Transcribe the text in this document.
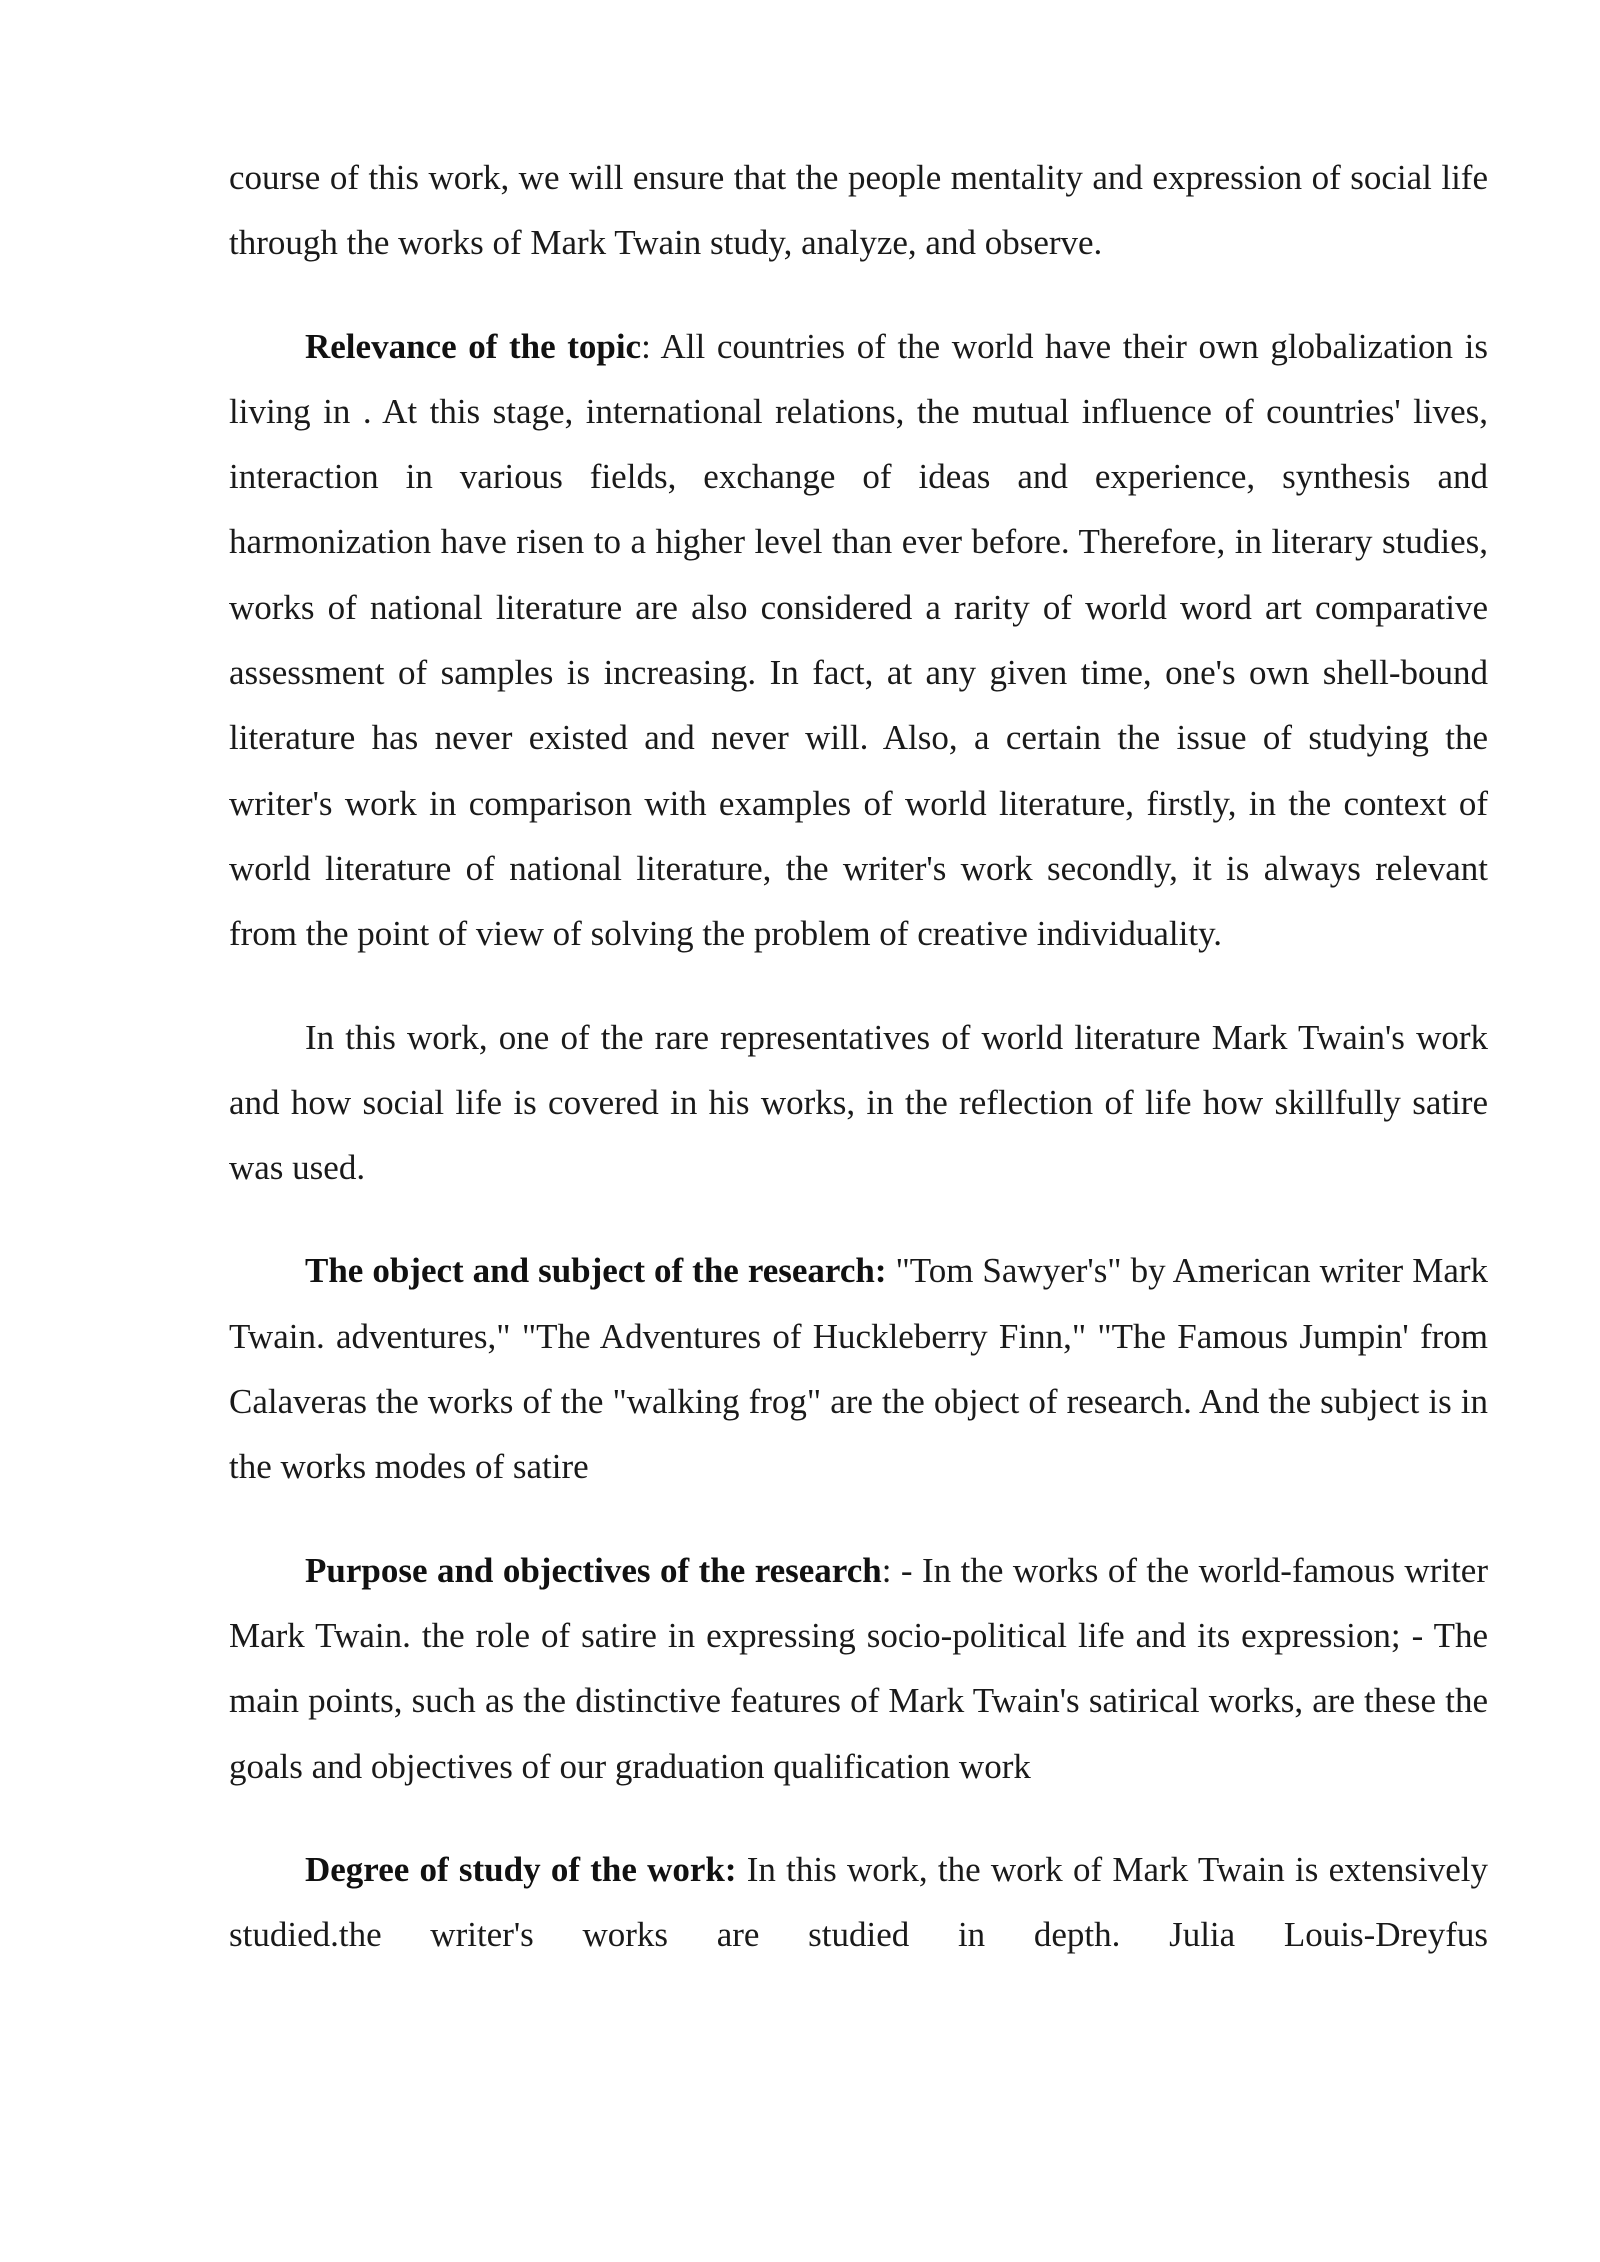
course of this work, we will ensure that the people mentality and expression of social life through the works of Mark Twain study, analyze, and observe.

Relevance of the topic: All countries of the world have their own globalization is living in . At this stage, international relations, the mutual influence of countries' lives, interaction in various fields, exchange of ideas and experience, synthesis and harmonization have risen to a higher level than ever before. Therefore, in literary studies, works of national literature are also considered a rarity of world word art comparative assessment of samples is increasing. In fact, at any given time, one's own shell-bound literature has never existed and never will. Also, a certain the issue of studying the writer's work in comparison with examples of world literature, firstly, in the context of world literature of national literature, the writer's work secondly, it is always relevant from the point of view of solving the problem of creative individuality.

In this work, one of the rare representatives of world literature Mark Twain's work and how social life is covered in his works, in the reflection of life how skillfully satire was used.

The object and subject of the research: "Tom Sawyer's" by American writer Mark Twain. adventures," "The Adventures of Huckleberry Finn," "The Famous Jumpin' from Calaveras the works of the "walking frog" are the object of research. And the subject is in the works modes of satire

Purpose and objectives of the research: - In the works of the world-famous writer Mark Twain. the role of satire in expressing socio-political life and its expression; - The main points, such as the distinctive features of Mark Twain's satirical works, are these the goals and objectives of our graduation qualification work

Degree of study of the work: In this work, the work of Mark Twain is extensively studied.the writer's works are studied in depth. Julia Louis-Dreyfus
